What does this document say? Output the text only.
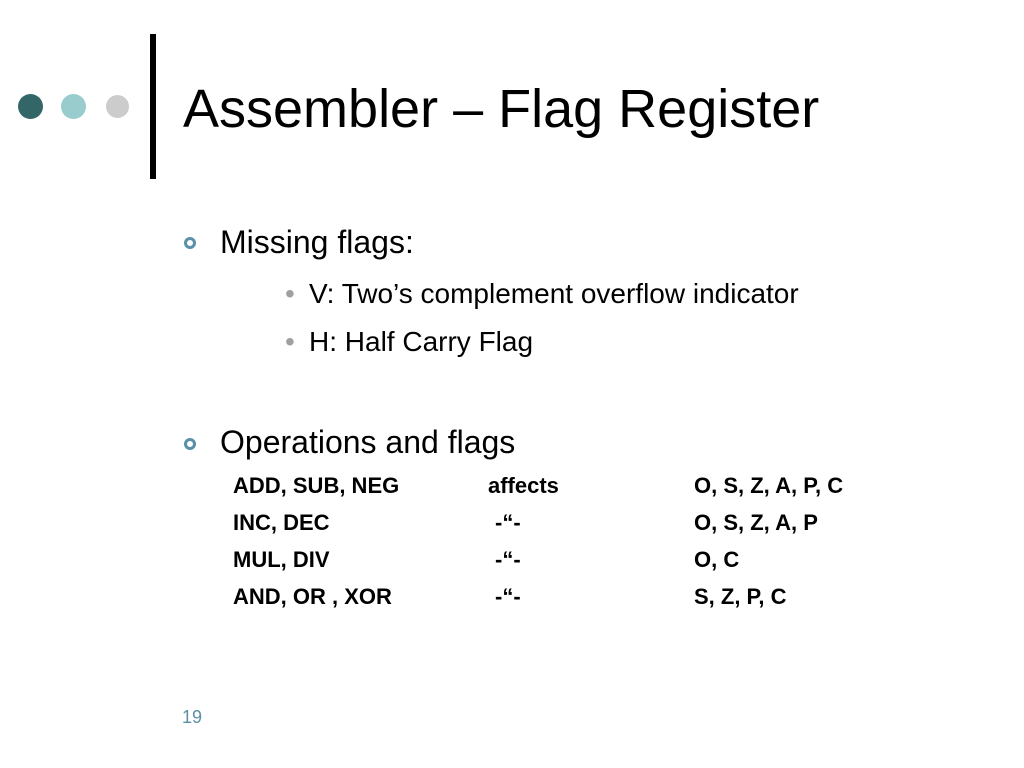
Assembler – Flag Register
Missing flags:
• V: Two’s complement overflow indicator
• H: Half Carry Flag
Operations and flags
ADD, SUB, NEG	affects	O, S, Z, A, P, C
INC, DEC	-“-	O, S, Z, A, P
MUL, DIV	-“-	O, C
AND, OR , XOR	-“-	S, Z, P, C
19
